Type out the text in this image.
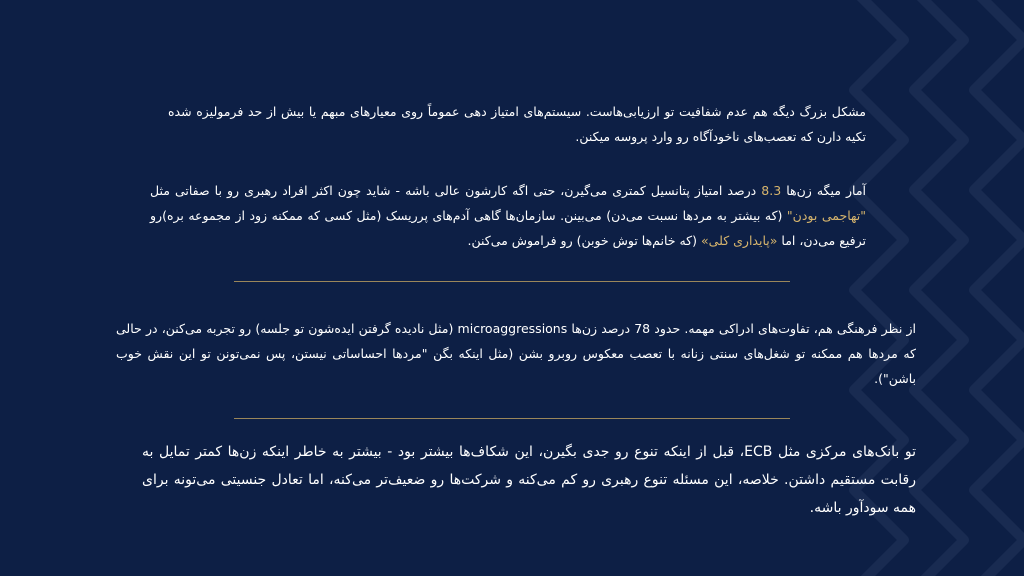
مشکل بزرگ دیگه هم عدم شفافیت تو ارزیابی‌هاست. سیستم‌های امتیاز دهی عموماً روی معیارهای مبهم یا بیش از حد فرمولیزه شده تکیه دارن که تعصب‌های ناخودآگاه رو وارد پروسه میکنن.

آمار میگه زن‌ها 8.3 درصد امتیاز پتانسیل کمتری می‌گیرن، حتی اگه کارشون عالی باشه - شاید چون اکثر افراد رهبری رو با صفاتی مثل "تهاجمی بودن" (که بیشتر به مردها نسبت می‌دن) می‌بینن. سازمان‌ها گاهی آدم‌های پرریسک (مثل کسی که ممکنه زود از مجموعه بره)رو ترفیع می‌دن، اما «پایداری کلی» (که خانم‌ها توش خوبن) رو فراموش می‌کنن.

از نظر فرهنگی هم، تفاوت‌های ادراکی مهمه. حدود 78 درصد زن‌ها microaggressions (مثل نادیده گرفتن ایده‌شون تو جلسه) رو تجربه می‌کنن، در حالی که مردها هم ممکنه تو شغل‌های سنتی زنانه با تعصب معکوس روبرو بشن (مثل اینکه بگن "مردها احساساتی نیستن، پس نمی‌تونن تو این نقش خوب باشن").

تو بانک‌های مرکزی مثل ECB، قبل از اینکه تنوع رو جدی بگیرن، این شکاف‌ها بیشتر بود - بیشتر به خاطر اینکه زن‌ها کمتر تمایل به رقابت مستقیم داشتن. خلاصه، این مسئله تنوع رهبری رو کم می‌کنه و شرکت‌ها رو ضعیف‌تر می‌کنه، اما تعادل جنسیتی می‌تونه برای همه سودآور باشه.
